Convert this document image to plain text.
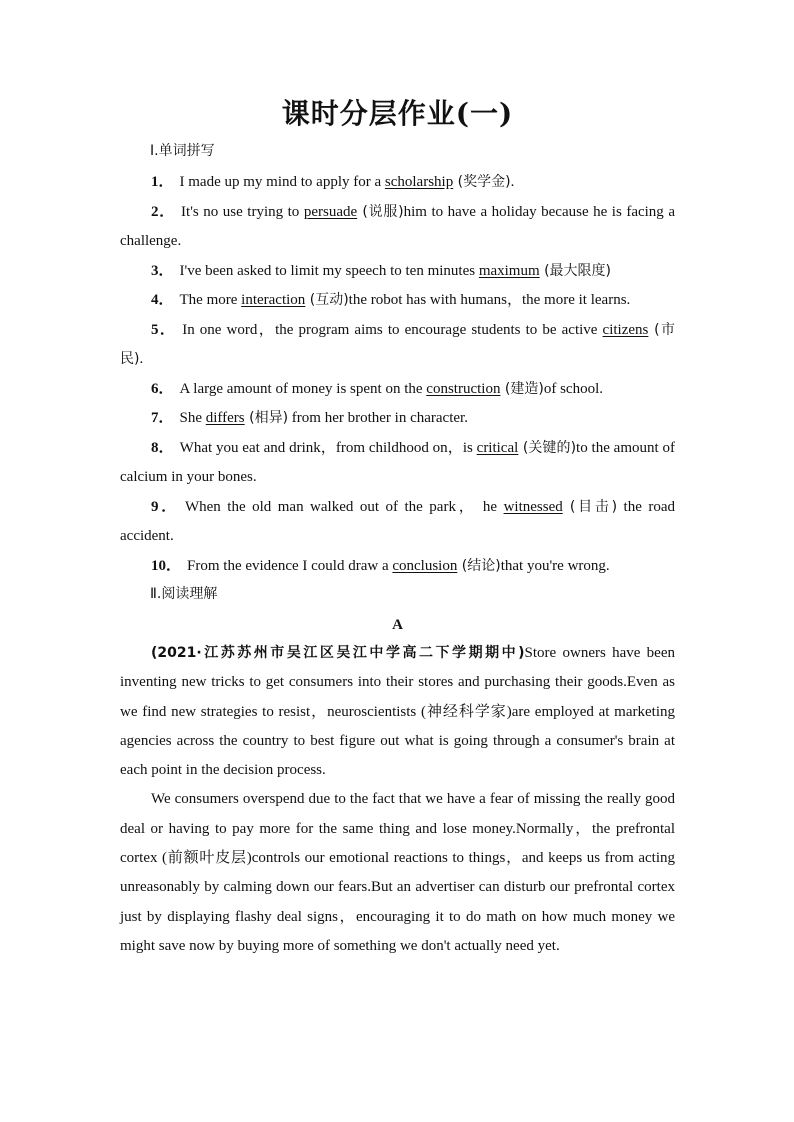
课时分层作业(一)
Ⅰ.单词拼写
1． I made up my mind to apply for a scholarship (奖学金).
2． It's no use trying to persuade (说服)him to have a holiday because he is facing a challenge.
3． I've been asked to limit my speech to ten minutes maximum (最大限度)
4． The more interaction (互动)the robot has with humans，the more it learns.
5． In one word，the program aims to encourage students to be active citizens (市民).
6． A large amount of money is spent on the construction (建造)of school.
7． She differs (相异) from her brother in character.
8． What you eat and drink，from childhood on，is critical (关键的)to the amount of calcium in your bones.
9． When the old man walked out of the park， he witnessed (目击) the road accident.
10． From the evidence I could draw a conclusion (结论)that you're wrong.
Ⅱ.阅读理解
A

(2021·江苏苏州市吴江区吴江中学高二下学期期中)Store owners have been inventing new tricks to get consumers into their stores and purchasing their goods.Even as we find new strategies to resist，neuroscientists (神经科学家)are employed at marketing agencies across the country to best figure out what is going through a consumer's brain at each point in the decision process.

We consumers overspend due to the fact that we have a fear of missing the really good deal or having to pay more for the same thing and lose money.Normally，the prefrontal cortex (前额叶皮层)controls our emotional reactions to things，and keeps us from acting unreasonably by calming down our fears.But an advertiser can disturb our prefrontal cortex just by displaying flashy deal signs，encouraging it to do math on how much money we might save now by buying more of something we don't actually need yet.
